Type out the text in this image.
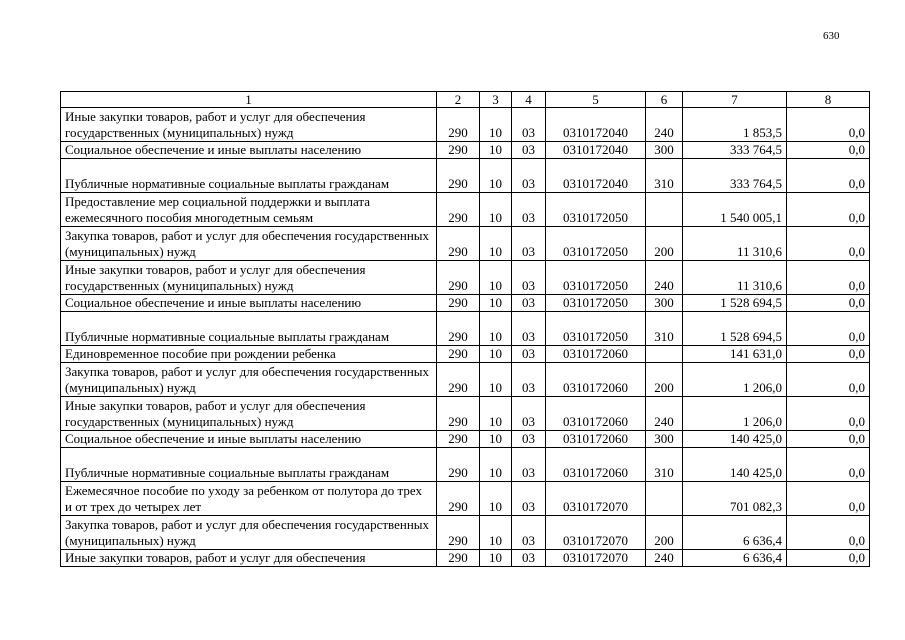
630
1	2	3	4	5	6	7	8
Иные закупки товаров, работ и услуг для обеспечения государственных (муниципальных) нужд	290	10	03	0310172040	240	1 853,5	0,0
Социальное обеспечение и иные выплаты населению	290	10	03	0310172040	300	333 764,5	0,0
Публичные нормативные социальные выплаты гражданам	290	10	03	0310172040	310	333 764,5	0,0
Предоставление мер социальной поддержки и выплата ежемесячного пособия многодетным семьям	290	10	03	0310172050		1 540 005,1	0,0
Закупка товаров, работ и услуг для обеспечения государственных (муниципальных) нужд	290	10	03	0310172050	200	11 310,6	0,0
Иные закупки товаров, работ и услуг для обеспечения государственных (муниципальных) нужд	290	10	03	0310172050	240	11 310,6	0,0
Социальное обеспечение и иные выплаты населению	290	10	03	0310172050	300	1 528 694,5	0,0
Публичные нормативные социальные выплаты гражданам	290	10	03	0310172050	310	1 528 694,5	0,0
Единовременное пособие при рождении ребенка	290	10	03	0310172060		141 631,0	0,0
Закупка товаров, работ и услуг для обеспечения государственных (муниципальных) нужд	290	10	03	0310172060	200	1 206,0	0,0
Иные закупки товаров, работ и услуг для обеспечения государственных (муниципальных) нужд	290	10	03	0310172060	240	1 206,0	0,0
Социальное обеспечение и иные выплаты населению	290	10	03	0310172060	300	140 425,0	0,0
Публичные нормативные социальные выплаты гражданам	290	10	03	0310172060	310	140 425,0	0,0
Ежемесячное пособие по уходу за ребенком от полутора до трех и от трех до четырех лет	290	10	03	0310172070		701 082,3	0,0
Закупка товаров, работ и услуг для обеспечения государственных (муниципальных) нужд	290	10	03	0310172070	200	6 636,4	0,0
Иные закупки товаров, работ и услуг для обеспечения	290	10	03	0310172070	240	6 636,4	0,0
